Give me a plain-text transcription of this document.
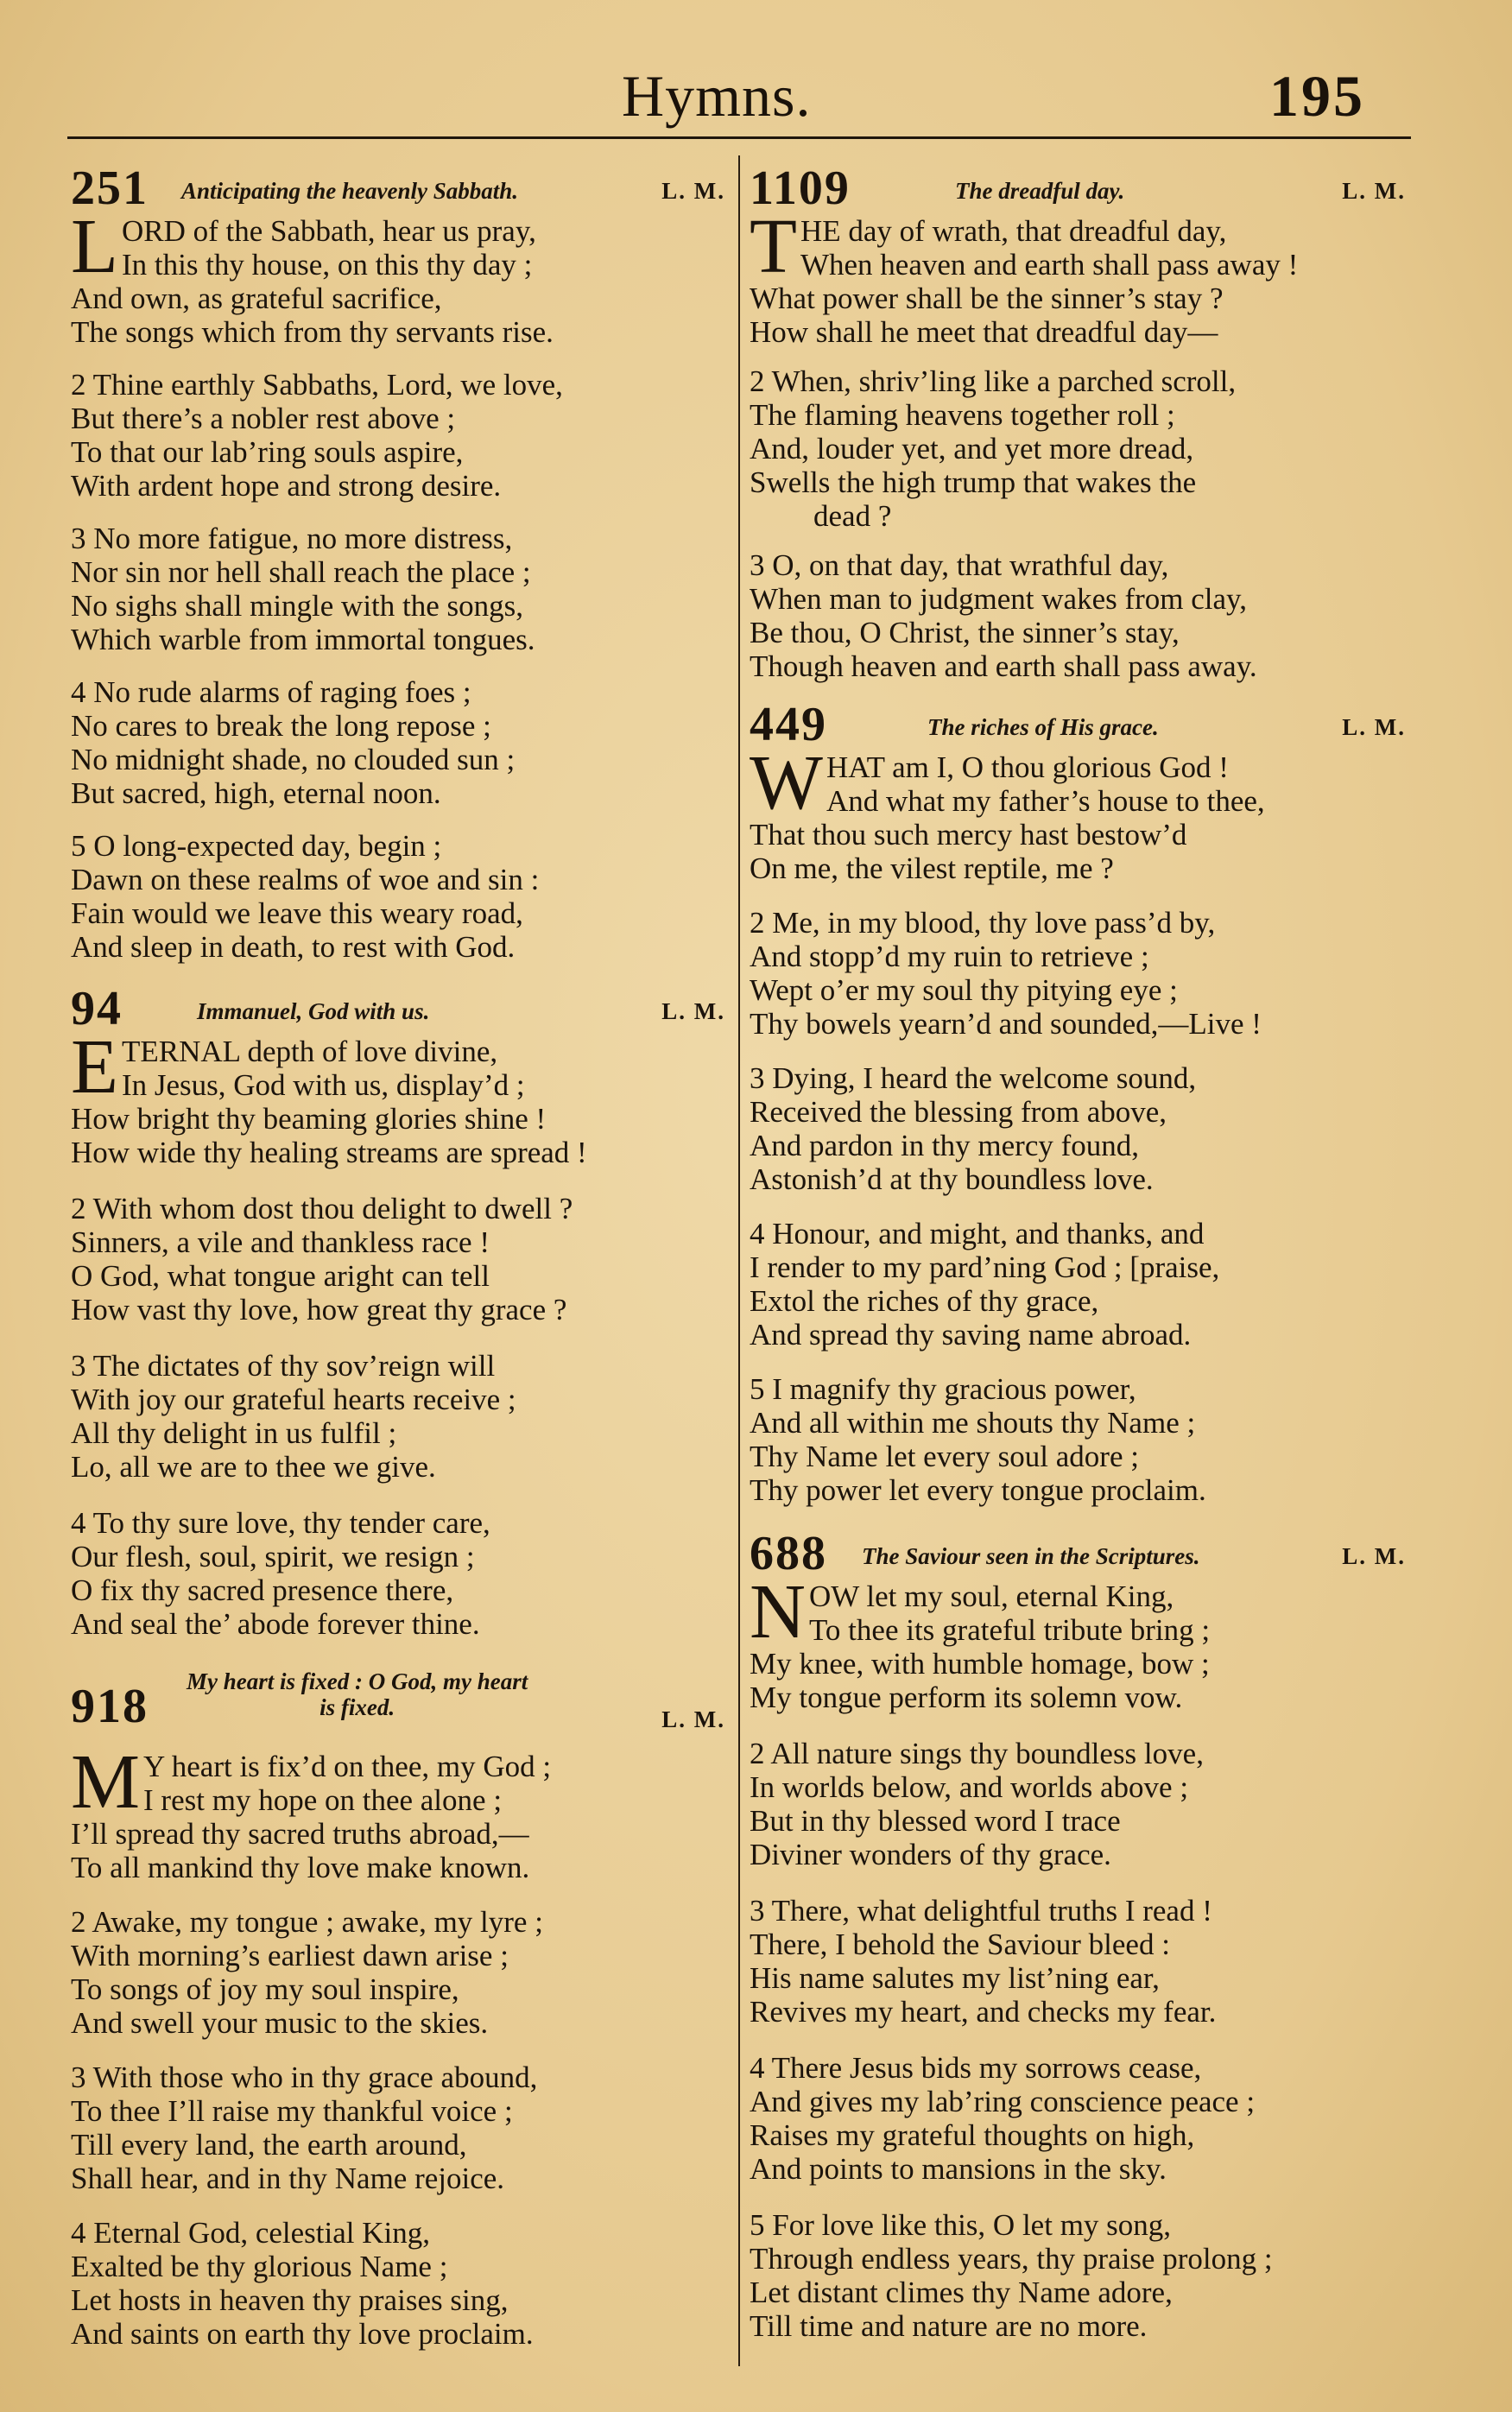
Hymns.	195
251 Anticipating the heavenly Sabbath.	L. M.
L ORD of the Sabbath, hear us pray,
In this thy house, on this thy day ;
And own, as grateful sacrifice,
The songs which from thy servants rise.
2 Thine earthly Sabbaths, Lord, we love,
But there’s a nobler rest above ;
To that our lab’ring souls aspire,
With ardent hope and strong desire.
3 No more fatigue, no more distress,
Nor sin nor hell shall reach the place ;
No sighs shall mingle with the songs,
Which warble from immortal tongues.
4 No rude alarms of raging foes ;
No cares to break the long repose ;
No midnight shade, no clouded sun ;
But sacred, high, eternal noon.
5 O long-expected day, begin ;
Dawn on these realms of woe and sin :
Fain would we leave this weary road,
And sleep in death, to rest with God.
94	Immanuel, God with us.	L. M.
E TERNAL depth of love divine,
In Jesus, God with us, display’d ;
How bright thy beaming glories shine !
How wide thy healing streams are spread !
2 With whom dost thou delight to dwell ?
Sinners, a vile and thankless race !
O God, what tongue aright can tell
How vast thy love, how great thy grace ?
3 The dictates of thy sov’reign will
With joy our grateful hearts receive ;
All thy delight in us fulfil ;
Lo, all we are to thee we give.
4 To thy sure love, thy tender care,
Our flesh, soul, spirit, we resign ;
O fix thy sacred presence there,
And seal the’ abode forever thine.
918 My heart is fixed : O God, my heart
is fixed.	L. M.
M Y heart is fix’d on thee, my God ;
I rest my hope on thee alone ;
I’ll spread thy sacred truths abroad,—
To all mankind thy love make known.
2 Awake, my tongue ; awake, my lyre ;
With morning’s earliest dawn arise ;
To songs of joy my soul inspire,
And swell your music to the skies.
3 With those who in thy grace abound,
To thee I’ll raise my thankful voice ;
Till every land, the earth around,
Shall hear, and in thy Name rejoice.
4 Eternal God, celestial King,
Exalted be thy glorious Name ;
Let hosts in heaven thy praises sing,
And saints on earth thy love proclaim.
1109	The dreadful day.	L. M.
T HE day of wrath, that dreadful day,
When heaven and earth shall pass away !
What power shall be the sinner’s stay ?
How shall he meet that dreadful day—
2 When, shriv’ling like a parched scroll,
The flaming heavens together roll ;
And, louder yet, and yet more dread,
Swells the high trump that wakes the
dead ?
3 O, on that day, that wrathful day,
When man to judgment wakes from clay,
Be thou, O Christ, the sinner’s stay,
Though heaven and earth shall pass away.
449	The riches of His grace.	L. M.
W HAT am I, O thou glorious God !
And what my father’s house to thee,
That thou such mercy hast bestow’d
On me, the vilest reptile, me ?
2 Me, in my blood, thy love pass’d by,
And stopp’d my ruin to retrieve ;
Wept o’er my soul thy pitying eye ;
Thy bowels yearn’d and sounded,—Live !
3 Dying, I heard the welcome sound,
Received the blessing from above,
And pardon in thy mercy found,
Astonish’d at thy boundless love.
4 Honour, and might, and thanks, and
I render to my pard’ning God ; [praise,
Extol the riches of thy grace,
And spread thy saving name abroad.
5 I magnify thy gracious power,
And all within me shouts thy Name ;
Thy Name let every soul adore ;
Thy power let every tongue proclaim.
688 The Saviour seen in the Scriptures.	L. M.
N OW let my soul, eternal King,
To thee its grateful tribute bring ;
My knee, with humble homage, bow ;
My tongue perform its solemn vow.
2 All nature sings thy boundless love,
In worlds below, and worlds above ;
But in thy blessed word I trace
Diviner wonders of thy grace.
3 There, what delightful truths I read !
There, I behold the Saviour bleed :
His name salutes my list’ning ear,
Revives my heart, and checks my fear.
4 There Jesus bids my sorrows cease,
And gives my lab’ring conscience peace ;
Raises my grateful thoughts on high,
And points to mansions in the sky.
5 For love like this, O let my song,
Through endless years, thy praise prolong ;
Let distant climes thy Name adore,
Till time and nature are no more.
